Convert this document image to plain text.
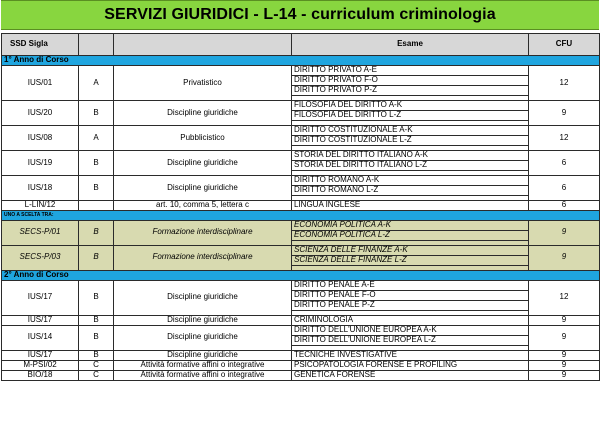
SERVIZI GIURIDICI - L-14 - curriculum criminologia
SSD Sigla			Esame	CFU
1° Anno di Corso				
IUS/01	A	Privatistico	DIRITTO PRIVATO A-E	12
			DIRITTO PRIVATO F-O	
			DIRITTO PRIVATO P-Z	

IUS/20	B	Discipline giuridiche	FILOSOFIA DEL DIRITTO A-K	9
			FILOSOFIA DEL DIRITTO L-Z	

IUS/08	A	Pubblicistico	DIRITTO COSTITUZIONALE A-K	12
			DIRITTO COSTITUZIONALE L-Z	

IUS/19	B	Discipline giuridiche	STORIA DEL DIRITTO ITALIANO A-K	6
			STORIA DEL DIRITTO ITALIANO L-Z	

IUS/18	B	Discipline giuridiche	DIRITTO ROMANO A-K	6
			DIRITTO ROMANO L-Z	

L-LIN/12		art. 10, comma 5, lettera c	LINGUA INGLESE	6
UNO A SCELTA TRA:				
SECS-P/01	B	Formazione interdisciplinare	ECONOMIA POLITICA A-K	9
			ECONOMIA POLITICA L-Z	

SECS-P/03	B	Formazione interdisciplinare	SCIENZA DELLE FINANZE A-K	9
			SCIENZA DELLE FINANZE L-Z	

2° Anno di Corso				
IUS/17	B	Discipline giuridiche	DIRITTO PENALE A-E	12
			DIRITTO PENALE F-O	
			DIRITTO PENALE P-Z	

IUS/17	B	Discipline giuridiche	CRIMINOLOGIA	9
IUS/14	B	Discipline giuridiche	DIRITTO DELL'UNIONE EUROPEA A-K	9
			DIRITTO DELL'UNIONE EUROPEA L-Z	

IUS/17	B	Discipline giuridiche	TECNICHE INVESTIGATIVE	9
M-PSI/02	C	Attività formative affini o integrative	PSICOPATOLOGIA FORENSE E PROFILING	9
BIO/18	C	Attività formative affini o integrative	GENETICA FORENSE	9
